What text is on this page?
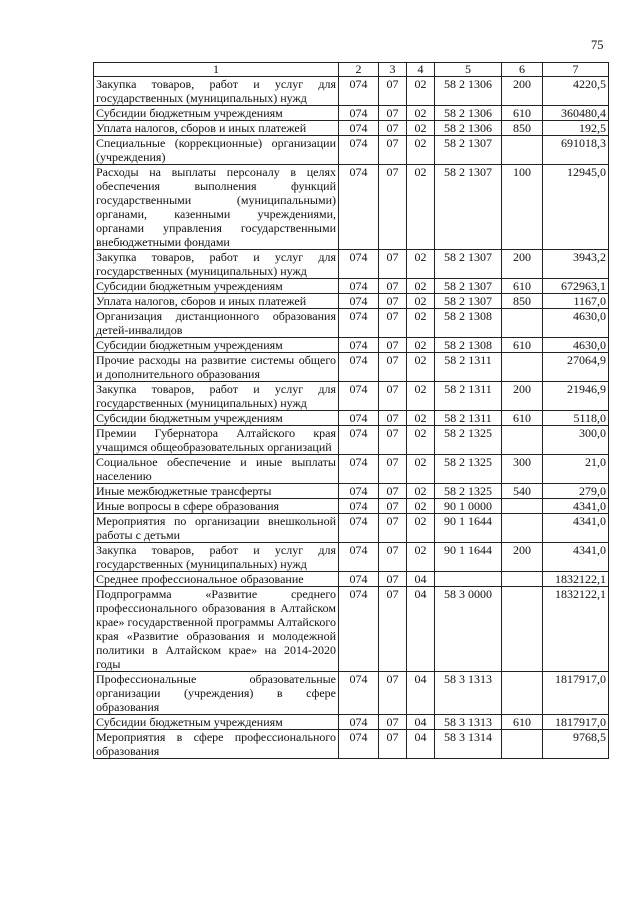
75
1	2	3	4	5	6	7
Закупка товаров, работ и услуг для государственных (муниципальных) нужд	074	07	02	58 2 1306	200	4220,5
Субсидии бюджетным учреждениям	074	07	02	58 2 1306	610	360480,4
Уплата налогов, сборов и иных платежей	074	07	02	58 2 1306	850	192,5
Специальные (коррекционные) организации (учреждения)	074	07	02	58 2 1307		691018,3
Расходы на выплаты персоналу в целях обеспечения выполнения функций государственными (муниципальными) органами, казенными учреждениями, органами управления государственными внебюджетными фондами	074	07	02	58 2 1307	100	12945,0
Закупка товаров, работ и услуг для государственных (муниципальных) нужд	074	07	02	58 2 1307	200	3943,2
Субсидии бюджетным учреждениям	074	07	02	58 2 1307	610	672963,1
Уплата налогов, сборов и иных платежей	074	07	02	58 2 1307	850	1167,0
Организация дистанционного образования детей-инвалидов	074	07	02	58 2 1308		4630,0
Субсидии бюджетным учреждениям	074	07	02	58 2 1308	610	4630,0
Прочие расходы на развитие системы общего и дополнительного образования	074	07	02	58 2 1311		27064,9
Закупка товаров, работ и услуг для государственных (муниципальных) нужд	074	07	02	58 2 1311	200	21946,9
Субсидии бюджетным учреждениям	074	07	02	58 2 1311	610	5118,0
Премии Губернатора Алтайского края учащимся общеобразовательных организаций	074	07	02	58 2 1325		300,0
Социальное обеспечение и иные выплаты населению	074	07	02	58 2 1325	300	21,0
Иные межбюджетные трансферты	074	07	02	58 2 1325	540	279,0
Иные вопросы в сфере образования	074	07	02	90 1 0000		4341,0
Мероприятия по организации внешкольной работы с детьми	074	07	02	90 1 1644		4341,0
Закупка товаров, работ и услуг для государственных (муниципальных) нужд	074	07	02	90 1 1644	200	4341,0
Среднее профессиональное образование	074	07	04			1832122,1
Подпрограмма «Развитие среднего профессионального образования в Алтайском крае» государственной программы Алтайского края «Развитие образования и молодежной политики в Алтайском крае» на 2014-2020 годы	074	07	04	58 3 0000		1832122,1
Профессиональные образовательные организации (учреждения) в сфере образования	074	07	04	58 3 1313		1817917,0
Субсидии бюджетным учреждениям	074	07	04	58 3 1313	610	1817917,0
Мероприятия в сфере профессионального образования	074	07	04	58 3 1314		9768,5
